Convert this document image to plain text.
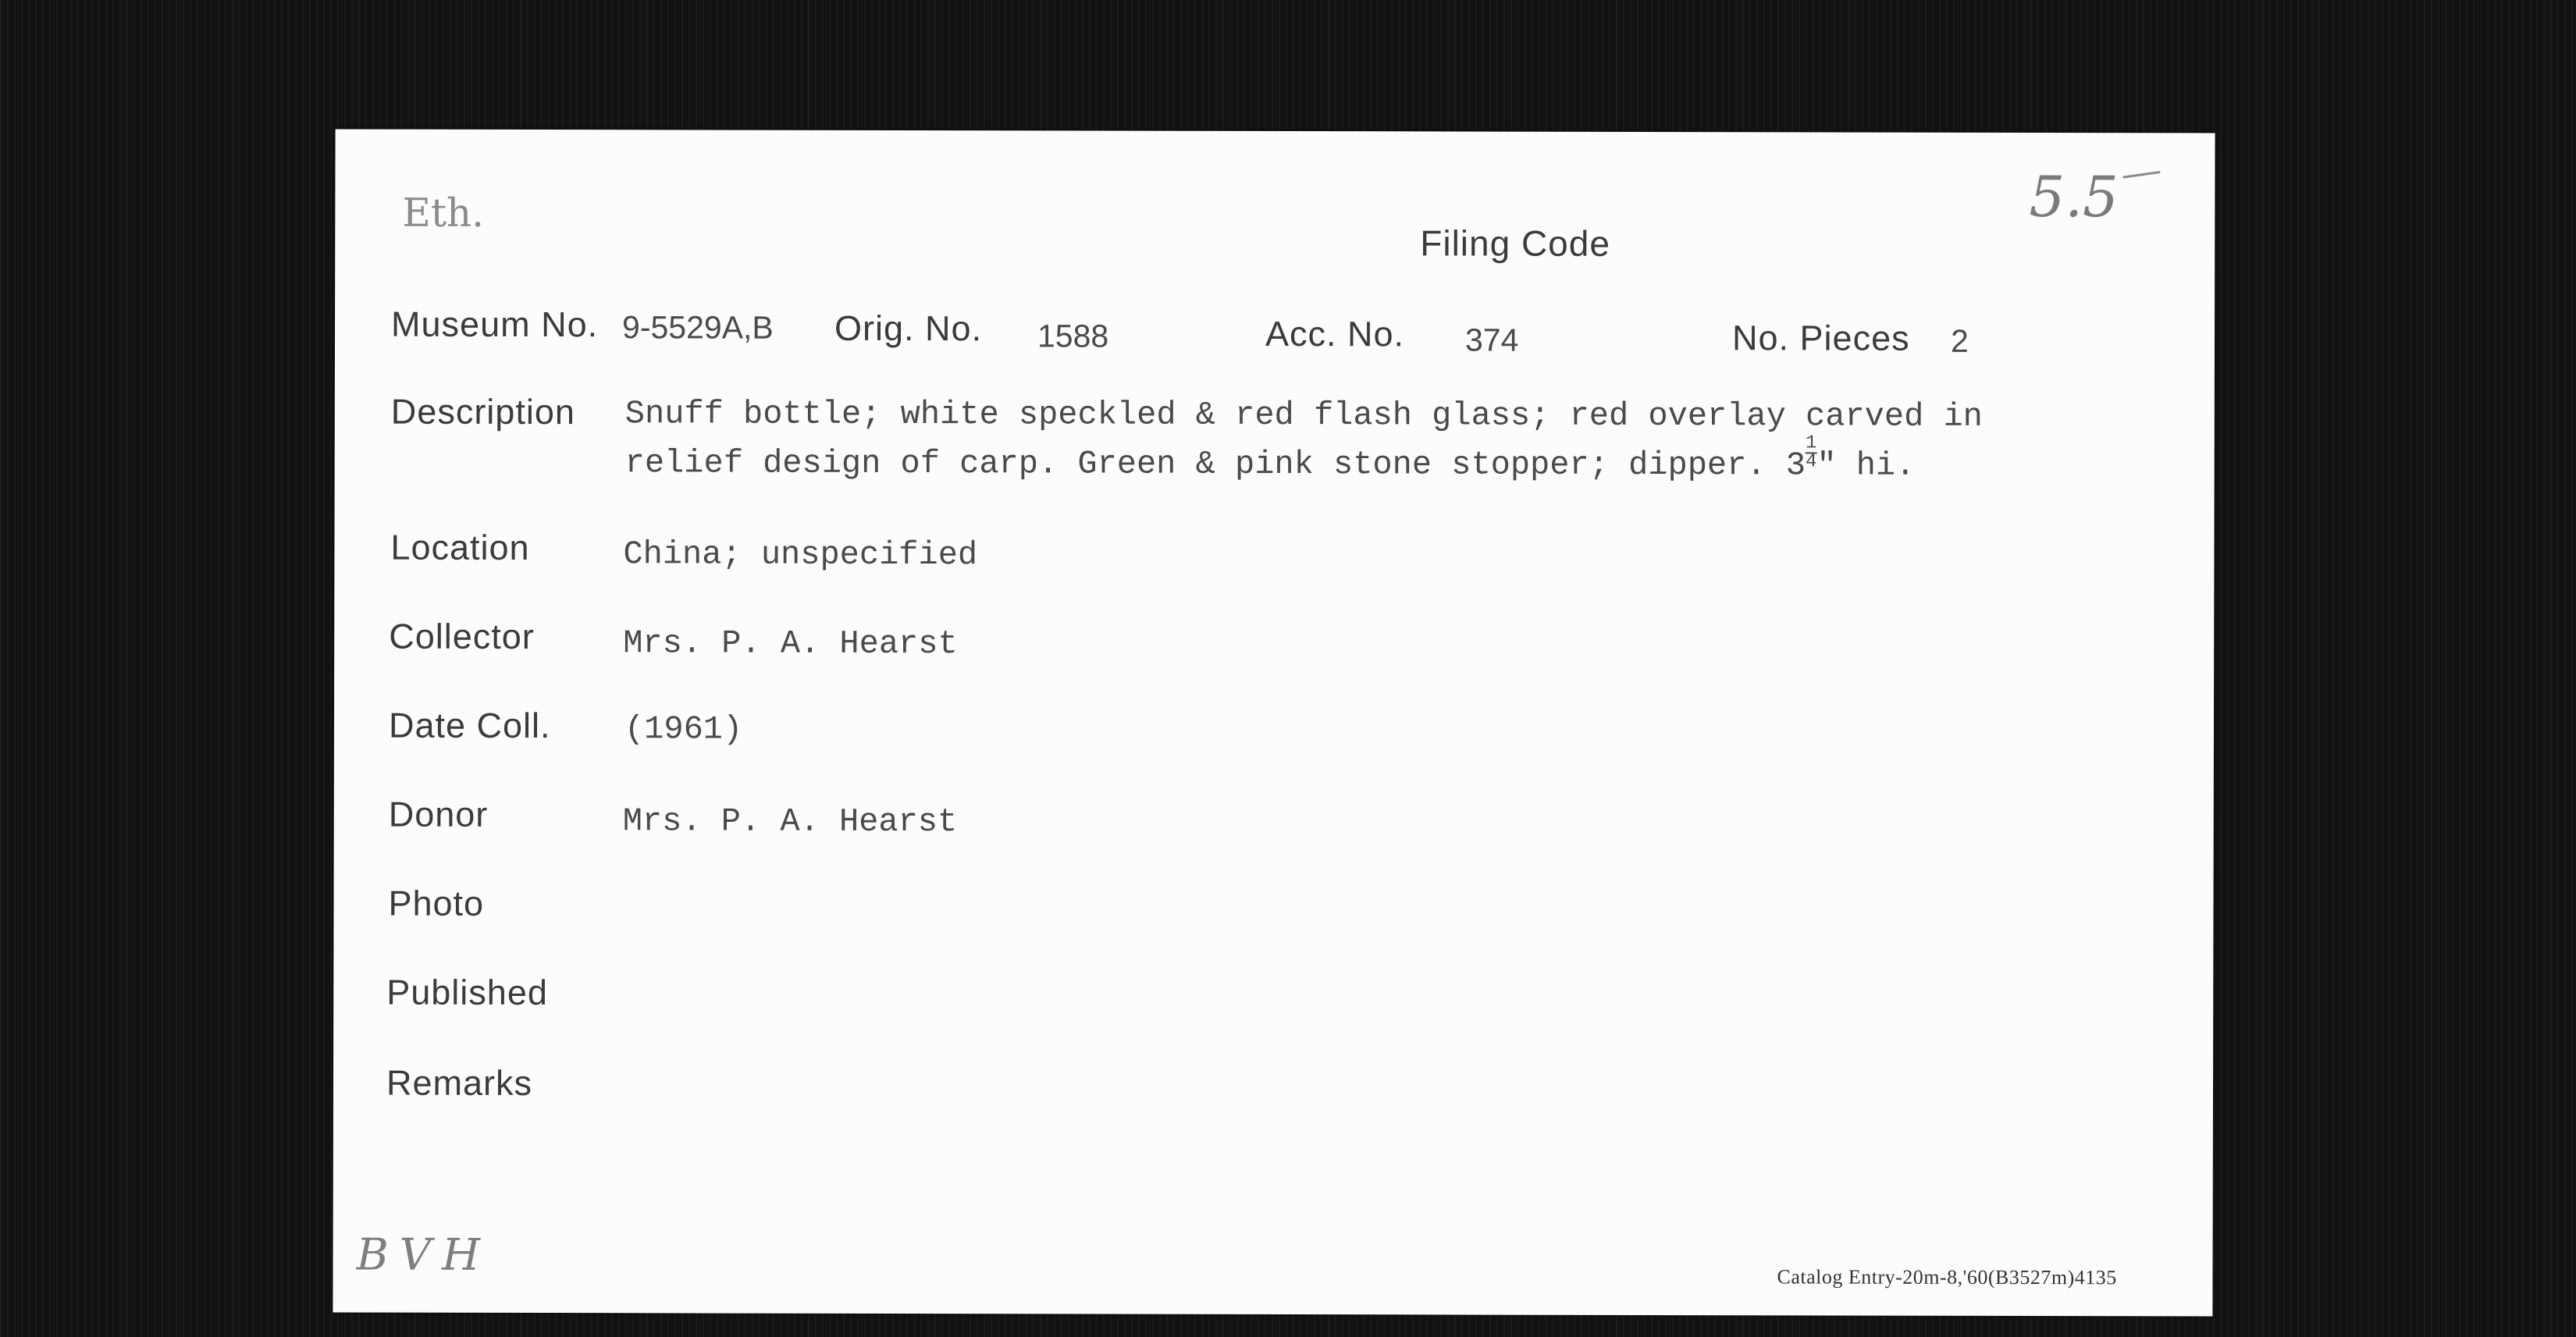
Eth.	5.5
Filing Code
Museum No. 9-5529A,B Orig. No. 1588	Acc. No. 374	No. Pieces 2
Description Snuff bottle; white speckled & red flash glass; red overlay carved in
relief design of carp. Green & pink stone stopper; dipper. $3 \frac{1}{4}$ " hi.
Location	China; unspecified
Collector	Mrs. P. A. Hearst
Date Coll. (1961)
Donor	Mrs. P. A. Hearst
Photo
Published
Remarks
BVH	Catalog Entry-20m-8,'60(B3527m)4135
